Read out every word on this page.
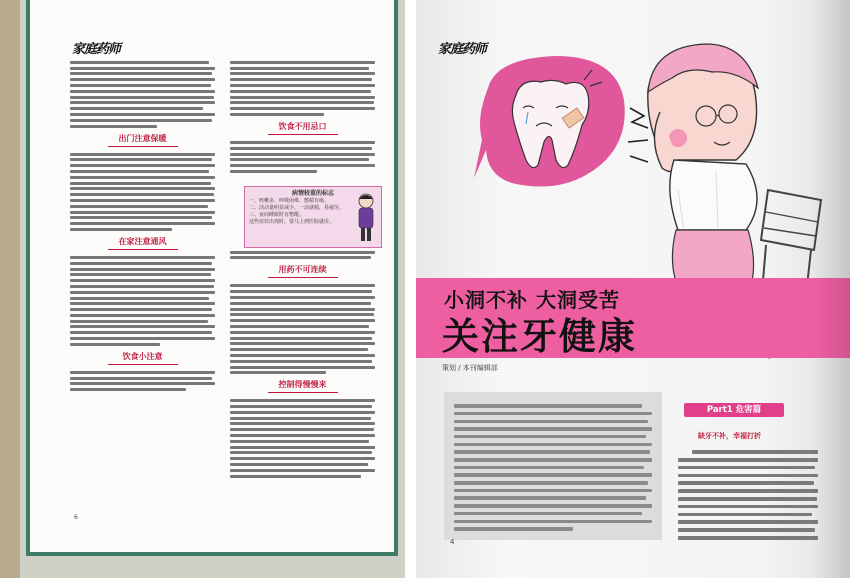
家庭药师
出门注意保暖
在家注意通风
饮食小注意
饮食不用忌口
用药不可连续
控制得慢慢来
病情较重的标志
一、咳嗽多，呼吸困难，憋喘有痰。
二、活动量明显减少，一活就喘，易疲劳。
三、夜间睡眠时有憋醒。
这些症状出现时，要马上到医院就诊。
6
家庭药师
小洞不补 大洞受苦
关注牙健康
策划 / 本刊编辑部
Part1 危害篇
缺牙不补，幸福打折
4
